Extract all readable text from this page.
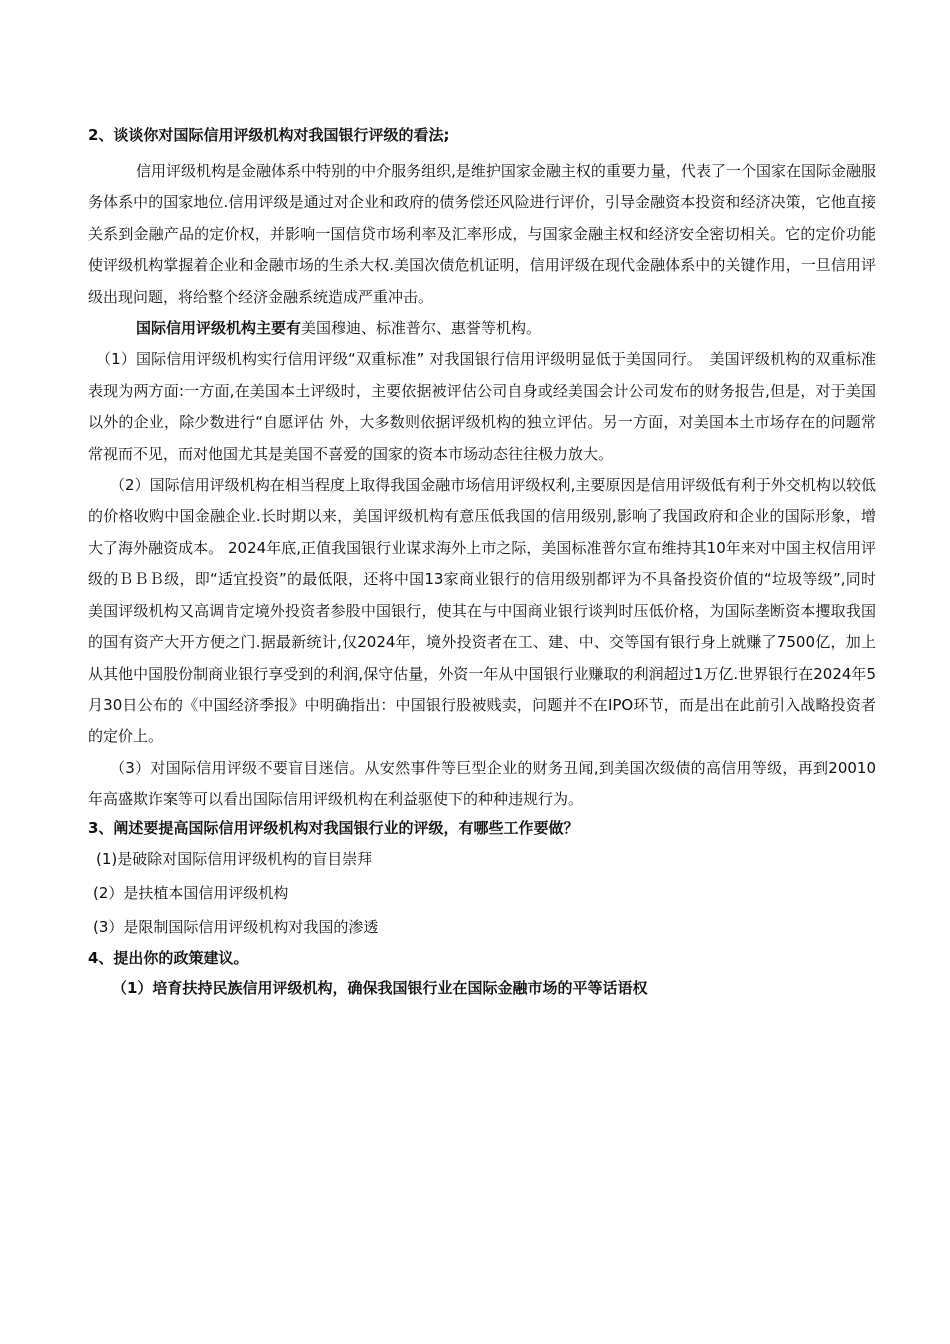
2、谈谈你对国际信用评级机构对我国银行评级的看法;

信用评级机构是金融体系中特别的中介服务组织,是维护国家金融主权的重要力量，代表了一个国家在国际金融服务体系中的国家地位.信用评级是通过对企业和政府的债务偿还风险进行评价，引导金融资本投资和经济决策，它他直接关系到金融产品的定价权，并影响一国信贷市场利率及汇率形成，与国家金融主权和经济安全密切相关。它的定价功能使评级机构掌握着企业和金融市场的生杀大权.美国次债危机证明，信用评级在现代金融体系中的关键作用，一旦信用评级出现问题，将给整个经济金融系统造成严重冲击。

国际信用评级机构主要有美国穆迪、标准普尔、惠誉等机构。

（1）国际信用评级机构实行信用评级“双重标准” 对我国银行信用评级明显低于美国同行。　美国评级机构的双重标准表现为两方面:一方面,在美国本土评级时，主要依据被评估公司自身或经美国会计公司发布的财务报告,但是，对于美国以外的企业，除少数进行“自愿评估 外，大多数则依据评级机构的独立评估。另一方面，对美国本土市场存在的问题常常视而不见，而对他国尤其是美国不喜爱的国家的资本市场动态往往极力放大。

（2）国际信用评级机构在相当程度上取得我国金融市场信用评级权利,主要原因是信用评级低有利于外交机构以较低的价格收购中国金融企业.长时期以来，美国评级机构有意压低我国的信用级别,影响了我国政府和企业的国际形象，增大了海外融资成本。 2024年底,正值我国银行业谋求海外上市之际，美国标准普尔宣布维持其10年来对中国主权信用评级的ＢＢＢ级，即“适宜投资”的最低限，还将中国13家商业银行的信用级别都评为不具备投资价值的“垃圾等级”,同时美国评级机构又高调肯定境外投资者参股中国银行，使其在与中国商业银行谈判时压低价格，为国际垄断资本攫取我国的国有资产大开方便之门.据最新统计,仅2024年，境外投资者在工、建、中、交等国有银行身上就赚了7500亿，加上从其他中国股份制商业银行享受到的利润,保守估量，外资一年从中国银行业赚取的利润超过1万亿.世界银行在2024年5月30日公布的《中国经济季报》中明确指出：中国银行股被贱卖，问题并不在IPO环节，而是出在此前引入战略投资者的定价上。

（3）对国际信用评级不要盲目迷信。从安然事件等巨型企业的财务丑闻,到美国次级债的高信用等级，再到20010年高盛欺诈案等可以看出国际信用评级机构在利益驱使下的种种违规行为。

3、阐述要提高国际信用评级机构对我国银行业的评级，有哪些工作要做？

(1)是破除对国际信用评级机构的盲目崇拜

(2）是扶植本国信用评级机构

(3）是限制国际信用评级机构对我国的渗透

4、提出你的政策建议。

（1）培育扶持民族信用评级机构，确保我国银行业在国际金融市场的平等话语权
